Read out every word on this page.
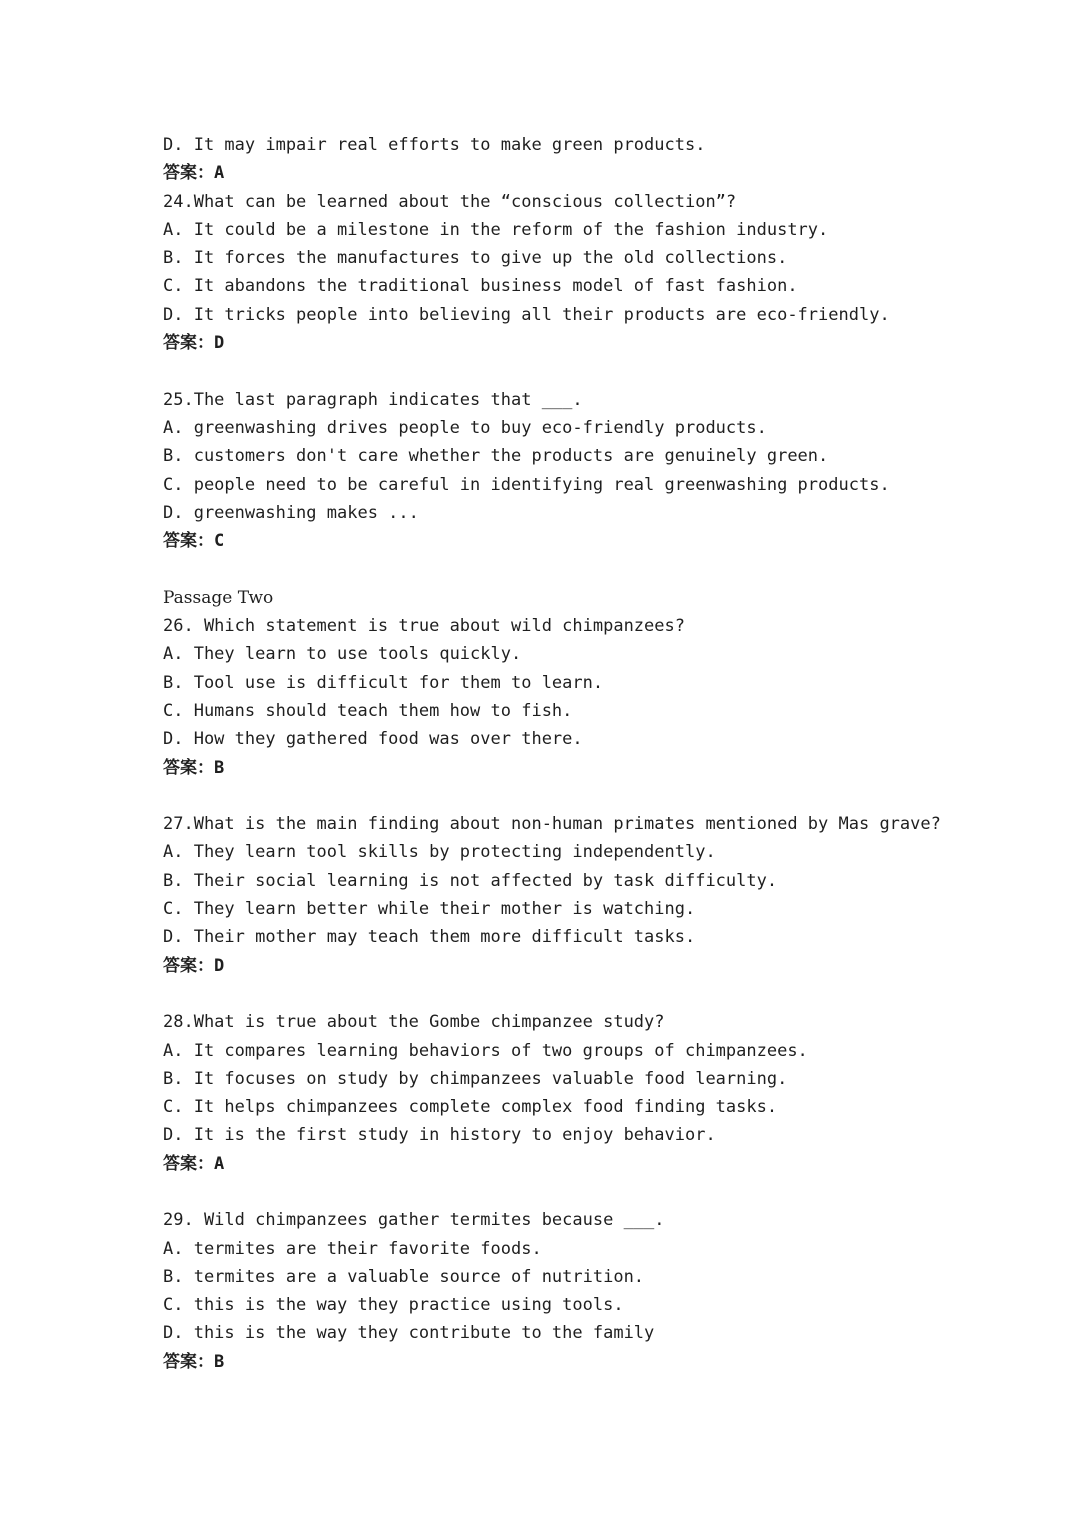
D. It may impair real efforts to make green products.
答案：A
24.What can be learned about the “conscious collection”?
A. It could be a milestone in the reform of the fashion industry.
B. It forces the manufactures to give up the old collections.
C. It abandons the traditional business model of fast fashion.
D. It tricks people into believing all their products are eco-friendly.
答案：D
25.The last paragraph indicates that ___.
A. greenwashing drives people to buy eco-friendly products.
B. customers don't care whether the products are genuinely green.
C. people need to be careful in identifying real greenwashing products.
D. greenwashing makes ...
答案：C
Passage Two
26. Which statement is true about wild chimpanzees?
A. They learn to use tools quickly.
B. Tool use is difficult for them to learn.
C. Humans should teach them how to fish.
D. How they gathered food was over there.
答案：B
27.What is the main finding about non-human primates mentioned by Mas grave?
A. They learn tool skills by protecting independently.
B. Their social learning is not affected by task difficulty.
C. They learn better while their mother is watching.
D. Their mother may teach them more difficult tasks.
答案：D
28.What is true about the Gombe chimpanzee study?
A. It compares learning behaviors of two groups of chimpanzees.
B. It focuses on study by chimpanzees valuable food learning.
C. It helps chimpanzees complete complex food finding tasks.
D. It is the first study in history to enjoy behavior.
答案：A
29. Wild chimpanzees gather termites because ___.
A. termites are their favorite foods.
B. termites are a valuable source of nutrition.
C. this is the way they practice using tools.
D. this is the way they contribute to the family
答案：B
